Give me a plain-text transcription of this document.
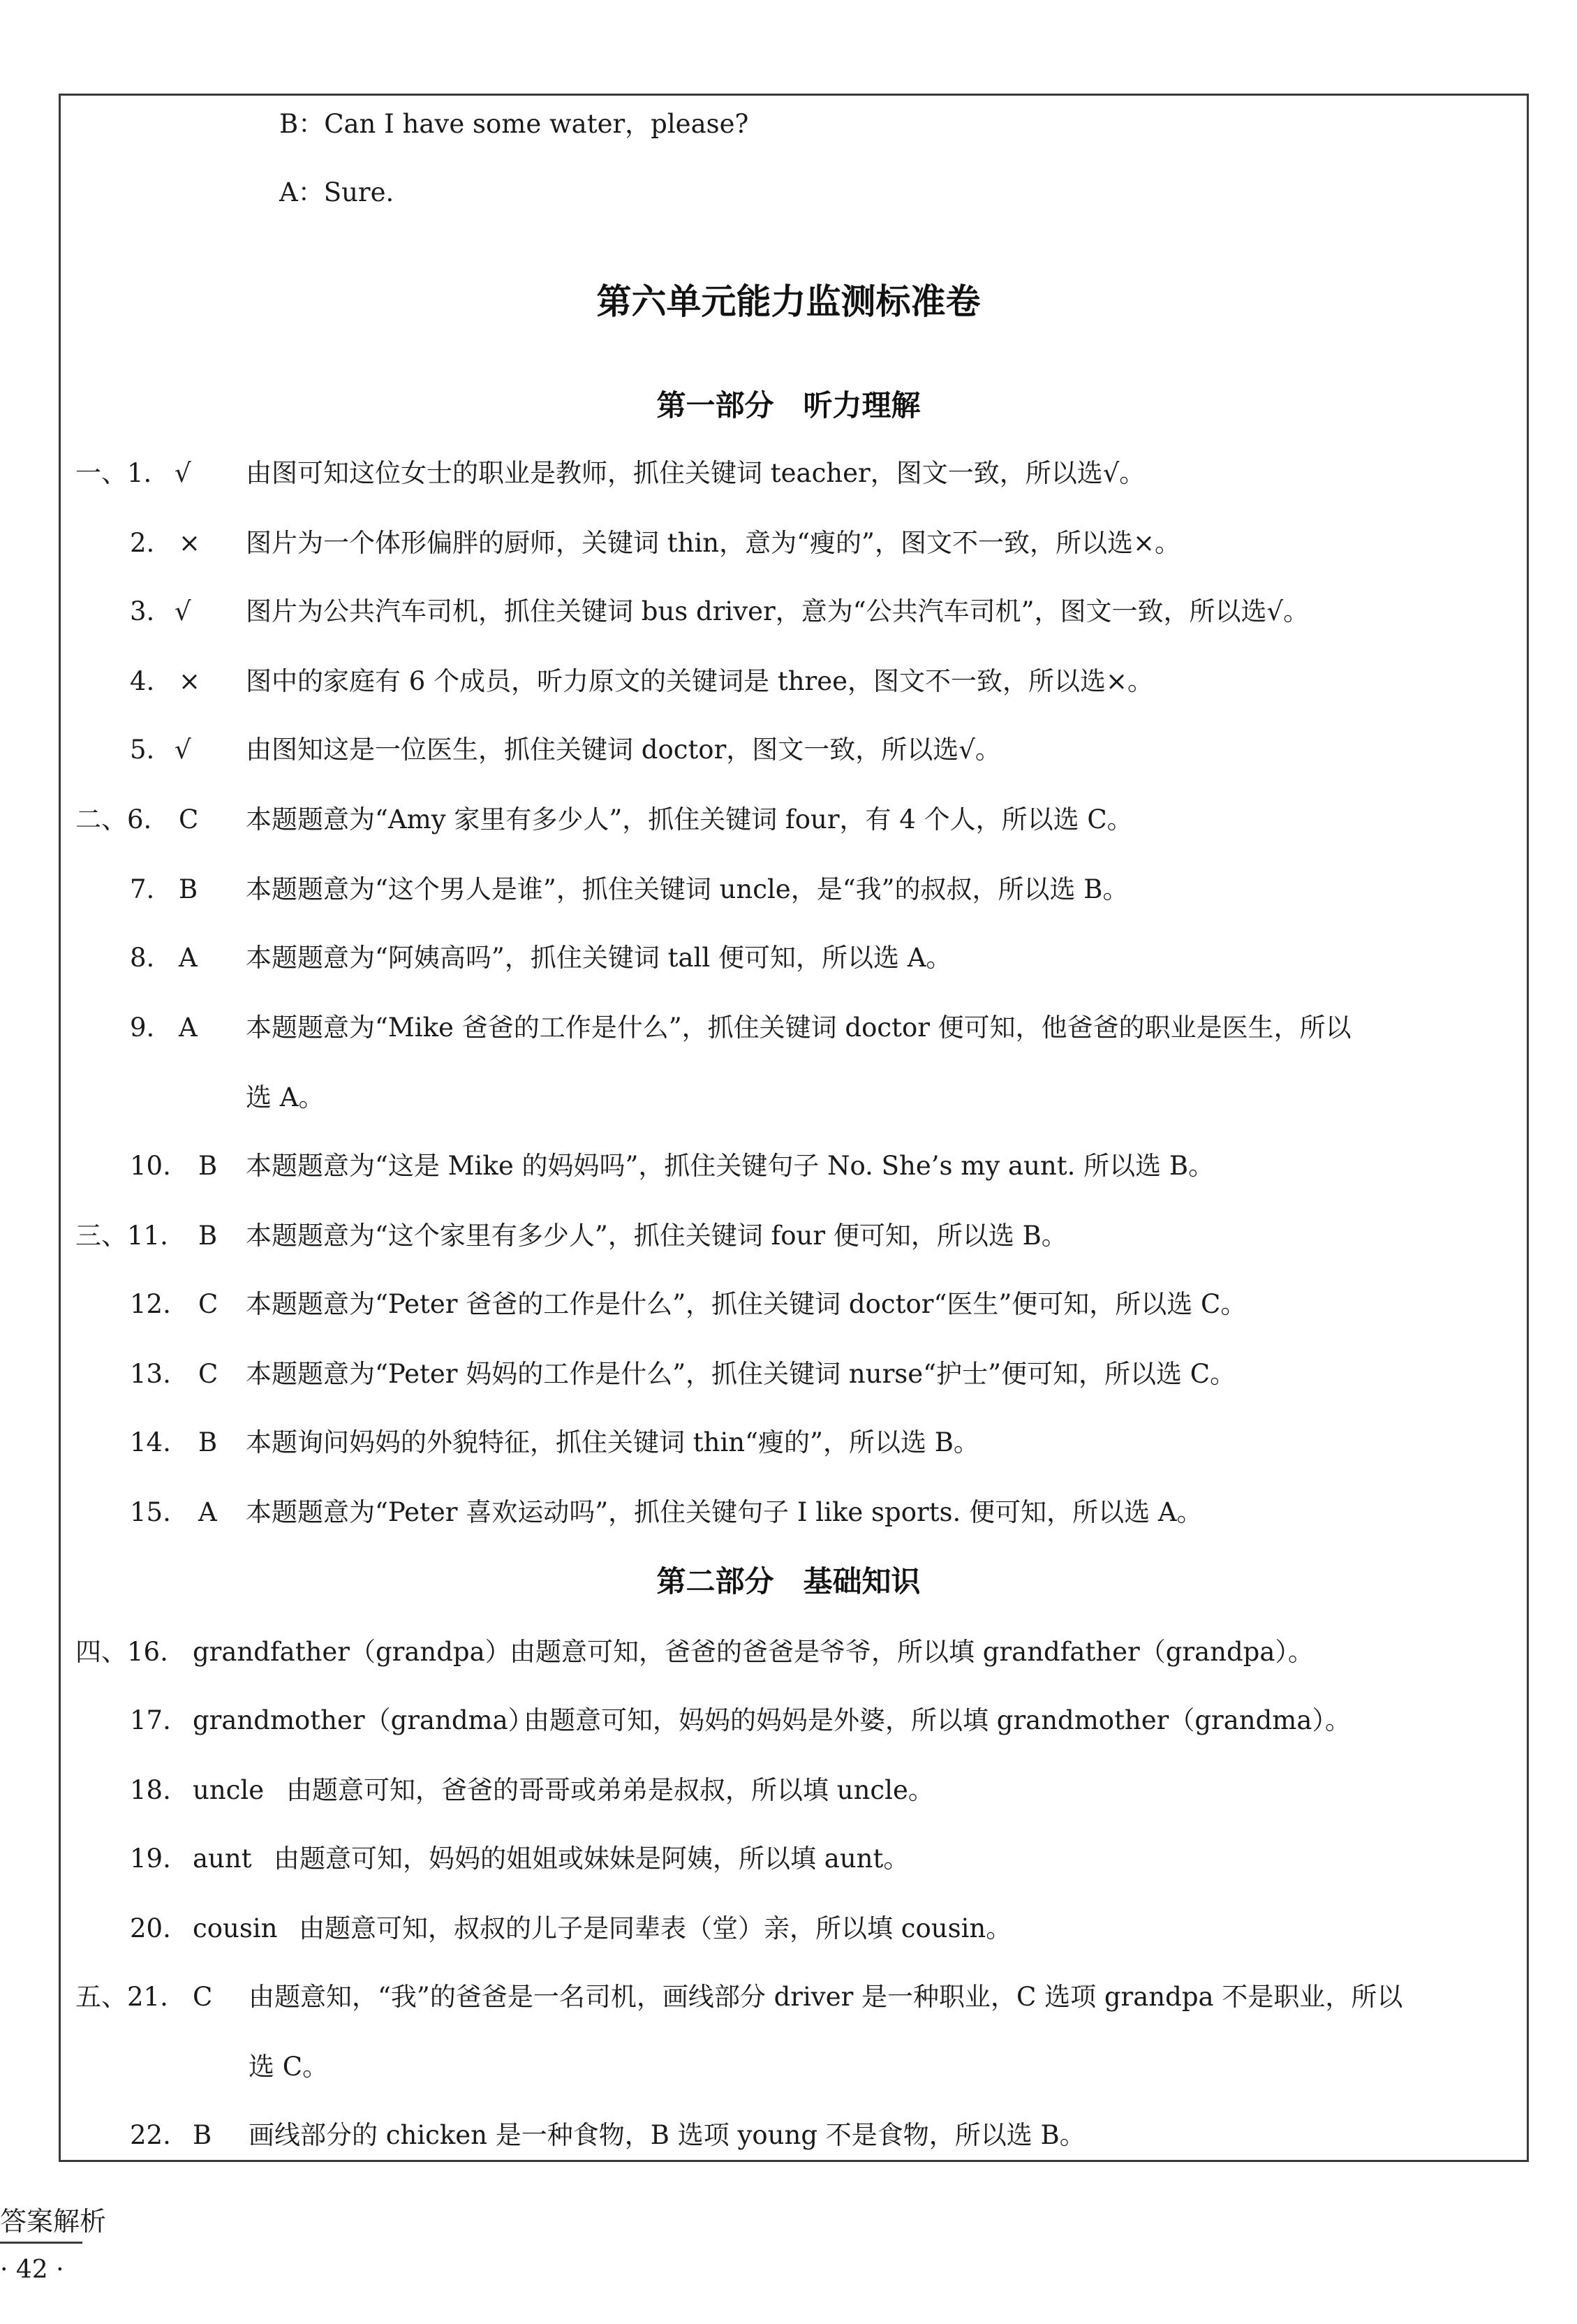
B：Can I have some water，please?
A：Sure.
第六单元能力监测标准卷
第一部分　听力理解
一、1. √ 由图可知这位女士的职业是教师，抓住关键词 teacher，图文一致，所以选√。
2. × 图片为一个体形偏胖的厨师，关键词 thin，意为“瘦的”，图文不一致，所以选×。
3. √ 图片为公共汽车司机，抓住关键词 bus driver，意为“公共汽车司机”，图文一致，所以选√。
4. × 图中的家庭有 6 个成员，听力原文的关键词是 three，图文不一致，所以选×。
5. √ 由图知这是一位医生，抓住关键词 doctor，图文一致，所以选√。
二、6. C 本题题意为“Amy 家里有多少人”，抓住关键词 four，有 4 个人，所以选 C。
7. B 本题题意为“这个男人是谁”，抓住关键词 uncle，是“我”的叔叔，所以选 B。
8. A 本题题意为“阿姨高吗”，抓住关键词 tall 便可知，所以选 A。
9. A 本题题意为“Mike 爸爸的工作是什么”，抓住关键词 doctor 便可知，他爸爸的职业是医生，所以
选 A。
10. B 本题题意为“这是 Mike 的妈妈吗”，抓住关键句子 No. She’s my aunt. 所以选 B。
三、11. B 本题题意为“这个家里有多少人”，抓住关键词 four 便可知，所以选 B。
12. C 本题题意为“Peter 爸爸的工作是什么”，抓住关键词 doctor“医生”便可知，所以选 C。
13. C 本题题意为“Peter 妈妈的工作是什么”，抓住关键词 nurse“护士”便可知，所以选 C。
14. B 本题询问妈妈的外貌特征，抓住关键词 thin“瘦的”，所以选 B。
15. A 本题题意为“Peter 喜欢运动吗”，抓住关键句子 I like sports. 便可知，所以选 A。
第二部分　基础知识
四、16. grandfather（grandpa）
由题意可知，爸爸的爸爸是爷爷，所以填 grandfather（grandpa）。
17. grandmother（grandma）
由题意可知，妈妈的妈妈是外婆，所以填 grandmother（grandma）。
18. uncle 由题意可知，爸爸的哥哥或弟弟是叔叔，所以填 uncle。
19. aunt 由题意可知，妈妈的姐姐或妹妹是阿姨，所以填 aunt。
20. cousin 由题意可知，叔叔的儿子是同辈表（堂）亲，所以填 cousin。
五、21. C 由题意知，“我”的爸爸是一名司机，画线部分 driver 是一种职业，C 选项 grandpa 不是职业，所以
选 C。
22. B 画线部分的 chicken 是一种食物，B 选项 young 不是食物，所以选 B。
答案解析
· 42 ·
